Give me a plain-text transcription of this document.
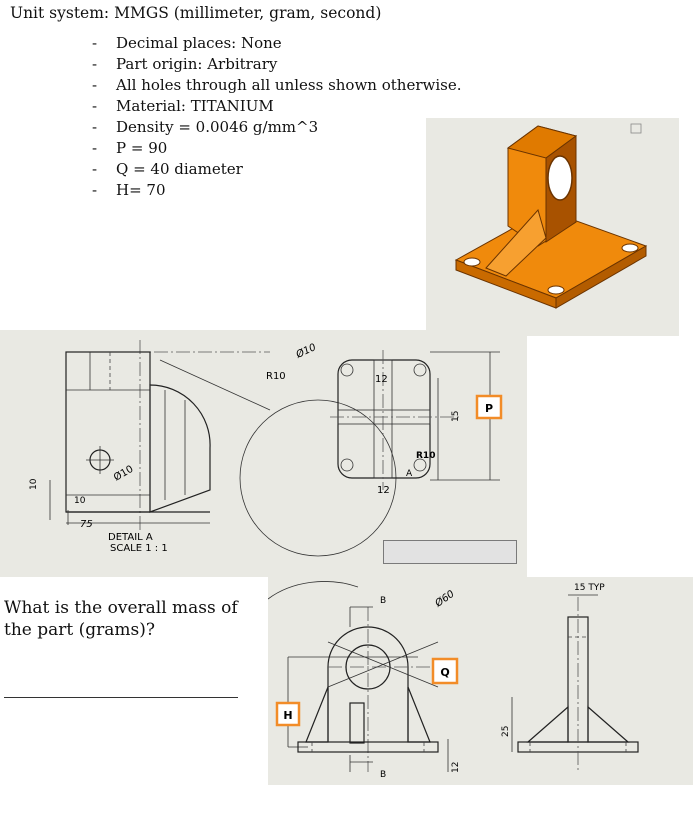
Unit system: MMGS (millimeter, gram, second)
- Decimal places: None
- Part origin: Arbitrary
- All holes through all unless shown otherwise.
- Material: TITANIUM
- Density = 0.0046 g/mm^3
- P = 90
- Q = 40 diameter
- H= 70
10
10
Ø10
75
DETAIL A
SCALE 1 : 1
Ø10
R10	12
12
R10
A
15
P
What is the overall mass of the part (grams)?
B
B
Ø60
Q
H
12
15 TYP
25
